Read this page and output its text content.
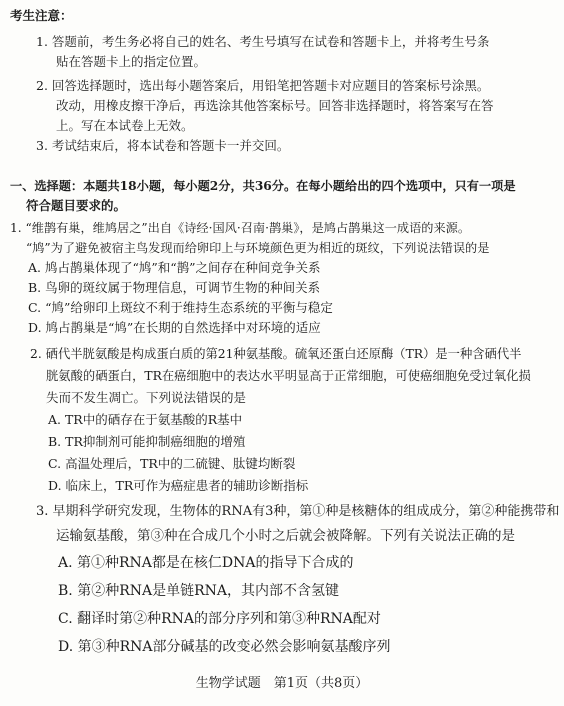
考生注意：
1. 答题前，考生务必将自己的姓名、考生号填写在试卷和答题卡上，并将考生号条
贴在答题卡上的指定位置。
2. 回答选择题时，选出每小题答案后，用铅笔把答题卡对应题目的答案标号涂黑。
改动，用橡皮擦干净后，再选涂其他答案标号。回答非选择题时，将答案写在答
上。写在本试卷上无效。
3. 考试结束后，将本试卷和答题卡一并交回。
一、选择题：本题共18小题，每小题2分，共36分。在每小题给出的四个选项中，只有一项是
符合题目要求的。
1. “维鹊有巢，维鸠居之”出自《诗经·国风·召南·鹊巢》，是鸠占鹊巢这一成语的来源。
“鸠”为了避免被宿主鸟发现而给卵印上与环境颜色更为相近的斑纹，下列说法错误的是
A. 鸠占鹊巢体现了“鸠”和“鹊”之间存在种间竞争关系
B. 鸟卵的斑纹属于物理信息，可调节生物的种间关系
C. “鸠”给卵印上斑纹不利于维持生态系统的平衡与稳定
D. 鸠占鹊巢是“鸠”在长期的自然选择中对环境的适应
2. 硒代半胱氨酸是构成蛋白质的第21种氨基酸。硫氧还蛋白还原酶（TR）是一种含硒代半
胱氨酸的硒蛋白，TR在癌细胞中的表达水平明显高于正常细胞，可使癌细胞免受过氧化损
失而不发生凋亡。下列说法错误的是
A. TR中的硒存在于氨基酸的R基中
B. TR抑制剂可能抑制癌细胞的增殖
C. 高温处理后，TR中的二硫键、肽键均断裂
D. 临床上，TR可作为癌症患者的辅助诊断指标
3. 早期科学研究发现，生物体的RNA有3种，第①种是核糖体的组成成分，第②种能携带和
运输氨基酸，第③种在合成几个小时之后就会被降解。下列有关说法正确的是
A. 第①种RNA都是在核仁DNA的指导下合成的
B. 第②种RNA是单链RNA，其内部不含氢键
C. 翻译时第②种RNA的部分序列和第③种RNA配对
D. 第③种RNA部分碱基的改变必然会影响氨基酸序列
生物学试题　第1页（共8页）
